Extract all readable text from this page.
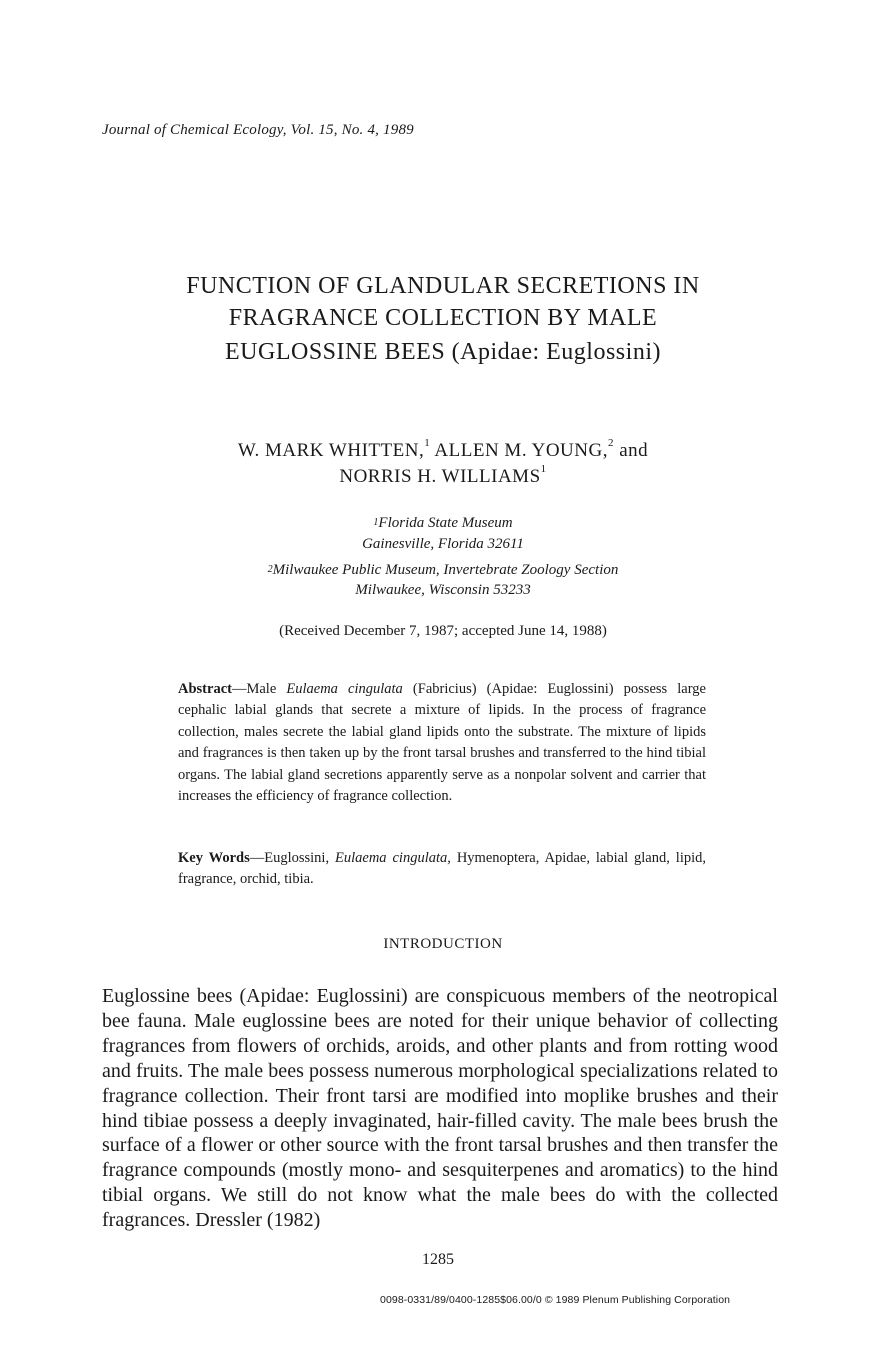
Journal of Chemical Ecology, Vol. 15, No. 4, 1989
FUNCTION OF GLANDULAR SECRETIONS IN
FRAGRANCE COLLECTION BY MALE
EUGLOSSINE BEES (Apidae: Euglossini)
W. MARK WHITTEN,$^1$ ALLEN M. YOUNG,$^2$ and
NORRIS H. WILLIAMS$^1$
$^1$Florida State Museum
Gainesville, Florida 32611
$^2$Milwaukee Public Museum, Invertebrate Zoology Section
Milwaukee, Wisconsin 53233
(Received December 7, 1987; accepted June 14, 1988)
Abstract—Male Eulaema cingulata (Fabricius) (Apidae: Euglossini) possess large cephalic labial glands that secrete a mixture of lipids. In the process of fragrance collection, males secrete the labial gland lipids onto the substrate. The mixture of lipids and fragrances is then taken up by the front tarsal brushes and transferred to the hind tibial organs. The labial gland secretions apparently serve as a nonpolar solvent and carrier that increases the efficiency of fragrance collection.
Key Words—Euglossini, Eulaema cingulata, Hymenoptera, Apidae, labial gland, lipid, fragrance, orchid, tibia.
INTRODUCTION
Euglossine bees (Apidae: Euglossini) are conspicuous members of the neotropical bee fauna. Male euglossine bees are noted for their unique behavior of collecting fragrances from flowers of orchids, aroids, and other plants and from rotting wood and fruits. The male bees possess numerous morphological specializations related to fragrance collection. Their front tarsi are modified into moplike brushes and their hind tibiae possess a deeply invaginated, hair-filled cavity. The male bees brush the surface of a flower or other source with the front tarsal brushes and then transfer the fragrance compounds (mostly mono- and sesquiterpenes and aromatics) to the hind tibial organs. We still do not know what the male bees do with the collected fragrances. Dressler (1982)
1285
0098-0331/89/0400-1285$06.00/0 © 1989 Plenum Publishing Corporation
